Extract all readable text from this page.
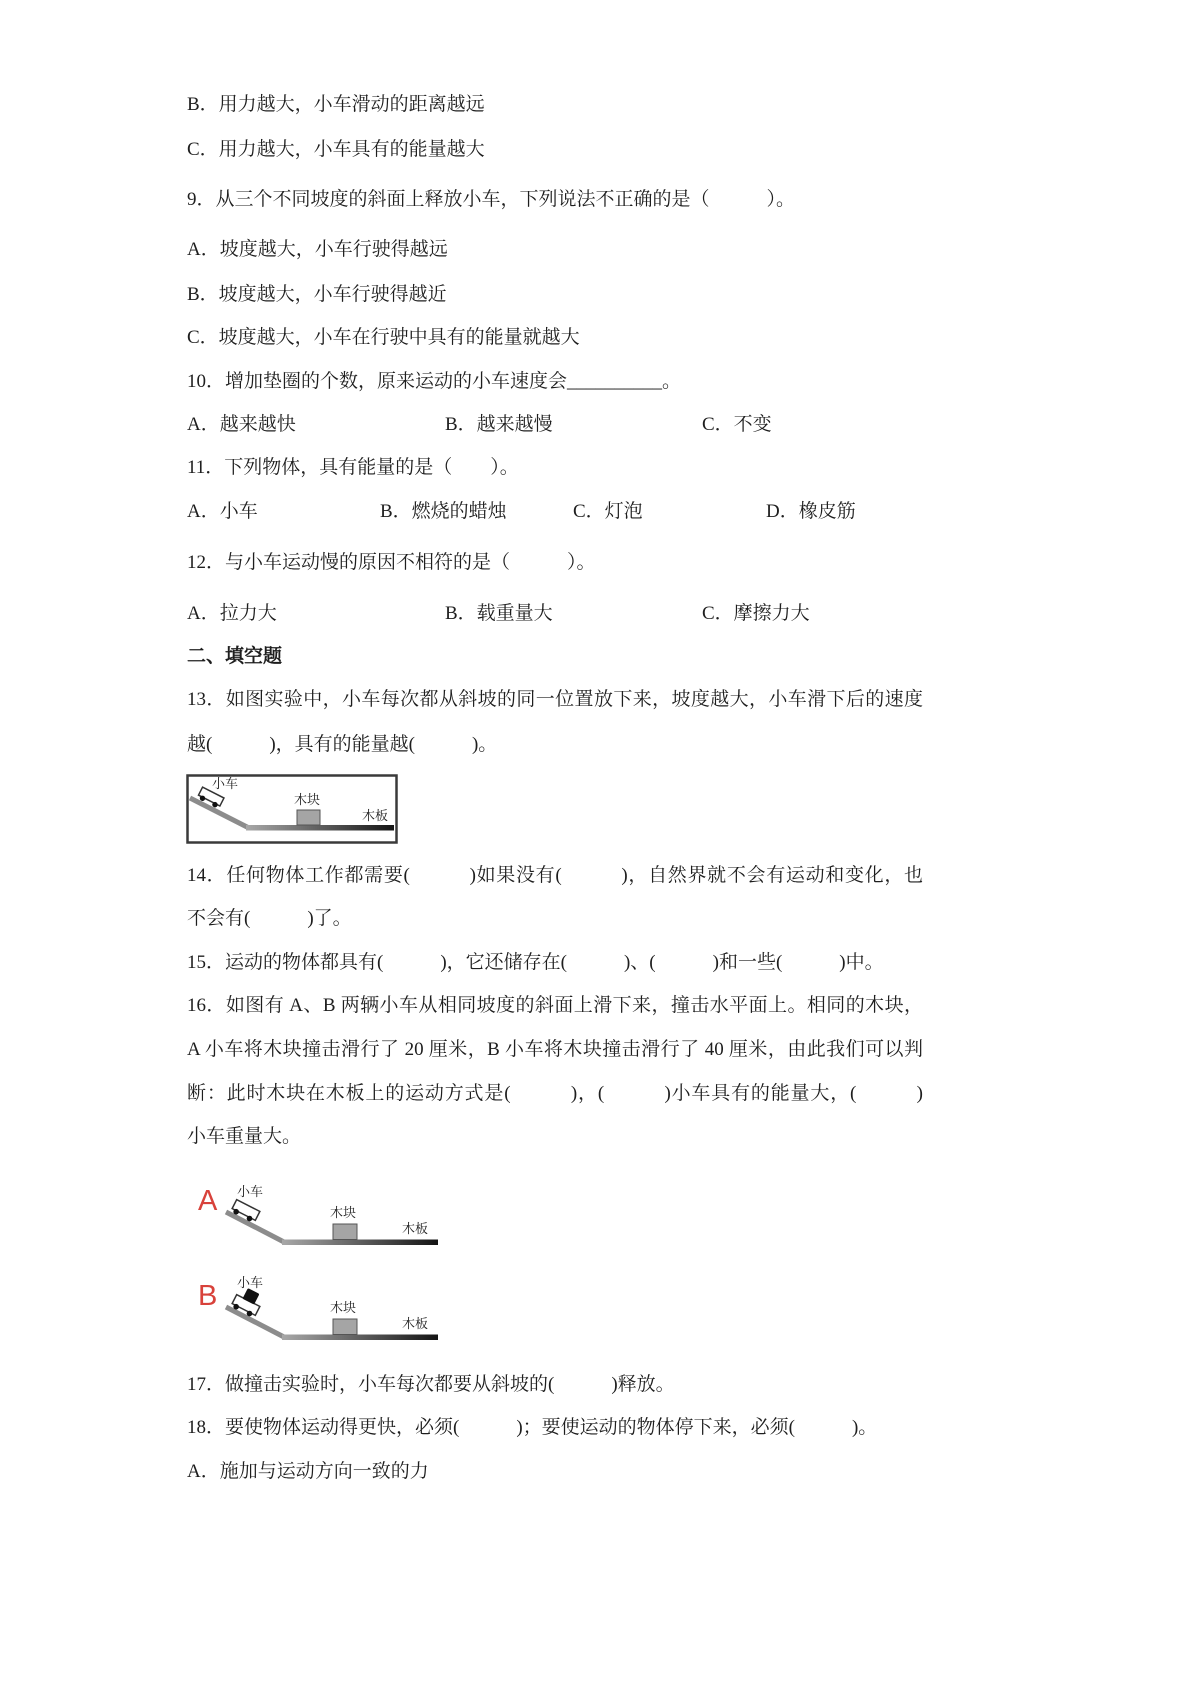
B．用力越大，小车滑动的距离越远
C．用力越大，小车具有的能量越大
9．从三个不同坡度的斜面上释放小车，下列说法不正确的是（　　　）。
A．坡度越大，小车行驶得越远
B．坡度越大，小车行驶得越近
C．坡度越大，小车在行驶中具有的能量就越大
10．增加垫圈的个数，原来运动的小车速度会__________。
A．越来越快	B．越来越慢	C．不变
11．下列物体，具有能量的是（　　）。
A．小车	B．燃烧的蜡烛	C．灯泡	D．橡皮筋
12．与小车运动慢的原因不相符的是（　　　）。
A．拉力大	B．载重量大	C．摩擦力大
二、填空题
13．如图实验中，小车每次都从斜坡的同一位置放下来，坡度越大，小车滑下后的速度
越(　　　)，具有的能量越(　　　)。
小车
木块
木板
14．任何物体工作都需要(　　　)如果没有(　　　)，自然界就不会有运动和变化，也
不会有(　　　)了。
15．运动的物体都具有(　　　)，它还储存在(　　　)、(　　　)和一些(　　　)中。
16．如图有 A、B 两辆小车从相同坡度的斜面上滑下来，撞击水平面上。相同的木块，
A 小车将木块撞击滑行了 20 厘米，B 小车将木块撞击滑行了 40 厘米，由此我们可以判
断：此时木块在木板上的运动方式是(　　　)，(　　　)小车具有的能量大，(　　　)
小车重量大。
A 小车
木块
木板
B 小车
木块
木板
17．做撞击实验时，小车每次都要从斜坡的(　　　)释放。
18．要使物体运动得更快，必须(　　　)；要使运动的物体停下来，必须(　　　)。
A．施加与运动方向一致的力
